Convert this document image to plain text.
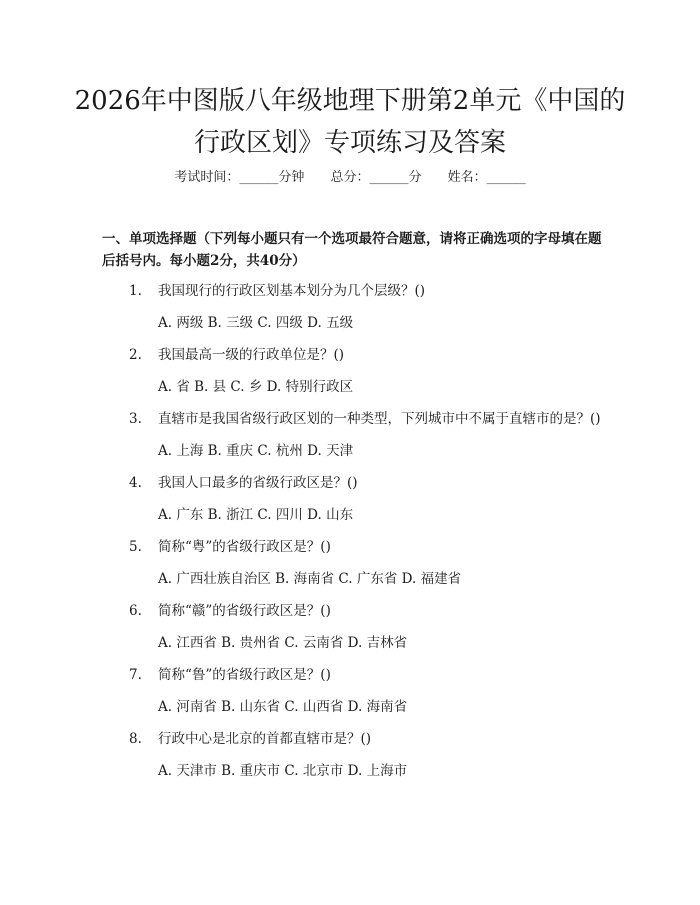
2026年中图版八年级地理下册第2单元《中国的行政区划》专项练习及答案
考试时间：______分钟 总分：______分 姓名：______

一、单项选择题（下列每小题只有一个选项最符合题意，请将正确选项的字母填在题后括号内。每小题2分，共40分）

1. 我国现行的行政区划基本划分为几个层级？()
A. 两级 B. 三级 C. 四级 D. 五级
2. 我国最高一级的行政单位是？()
A. 省 B. 县 C. 乡 D. 特别行政区
3. 直辖市是我国省级行政区划的一种类型，下列城市中不属于直辖市的是？()
A. 上海 B. 重庆 C. 杭州 D. 天津
4. 我国人口最多的省级行政区是？()
A. 广东 B. 浙江 C. 四川 D. 山东
5. 简称“粤”的省级行政区是？()
A. 广西壮族自治区 B. 海南省 C. 广东省 D. 福建省
6. 简称“赣”的省级行政区是？()
A. 江西省 B. 贵州省 C. 云南省 D. 吉林省
7. 简称“鲁”的省级行政区是？()
A. 河南省 B. 山东省 C. 山西省 D. 海南省
8. 行政中心是北京的首都直辖市是？()
A. 天津市 B. 重庆市 C. 北京市 D. 上海市
